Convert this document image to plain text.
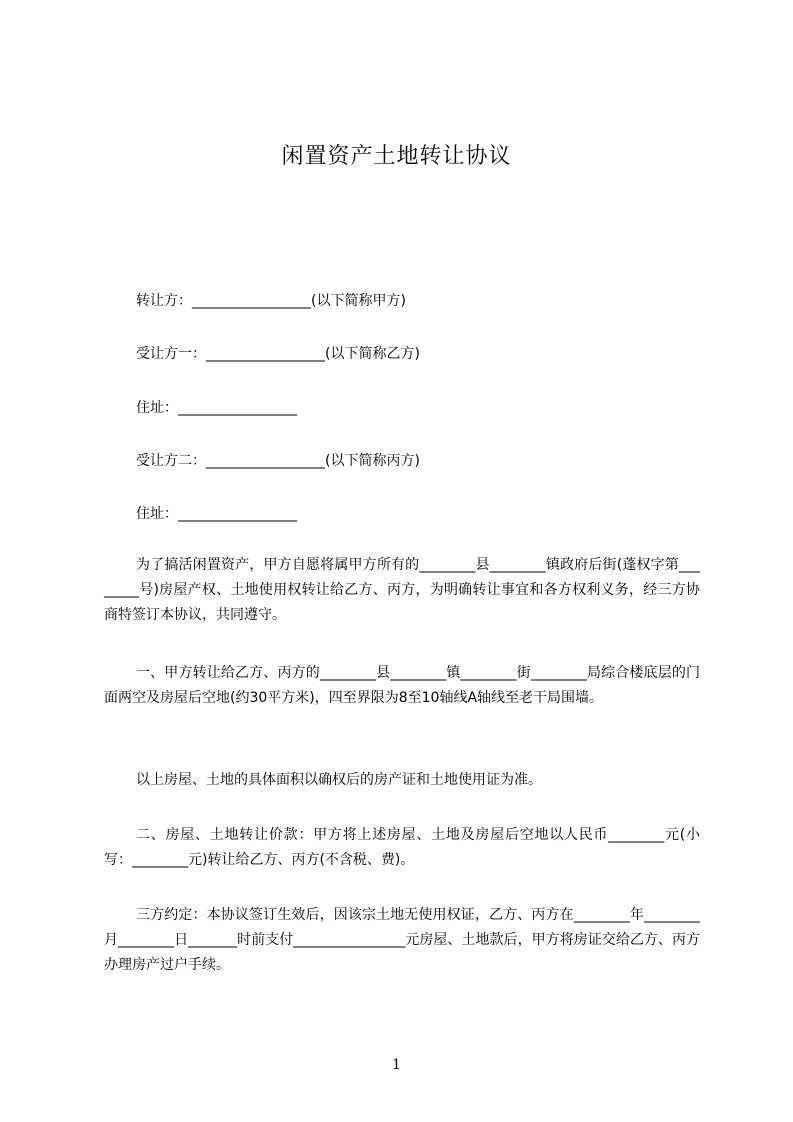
闲置资产土地转让协议
转让方：_________________(以下简称甲方)
受让方一：_________________(以下简称乙方)
住址：_________________
受让方二：_________________(以下简称丙方)
住址：_________________

为了搞活闲置资产，甲方自愿将属甲方所有的________县________镇政府后街(蓬权字第________号)房屋产权、土地使用权转让给乙方、丙方，为明确转让事宜和各方权利义务，经三方协商特签订本协议，共同遵守。

一、甲方转让给乙方、丙方的________县________镇________街________局综合楼底层的门面两空及房屋后空地(约30平方米)，四至界限为8至10轴线A轴线至老干局围墙。

以上房屋、土地的具体面积以确权后的房产证和土地使用证为准。

二、房屋、土地转让价款：甲方将上述房屋、土地及房屋后空地以人民币________元(小写：________元)转让给乙方、丙方(不含税、费)。

三方约定：本协议签订生效后，因该宗土地无使用权证，乙方、丙方在________年________月________日_______时前支付________________元房屋、土地款后，甲方将房证交给乙方、丙方办理房产过户手续。

1
